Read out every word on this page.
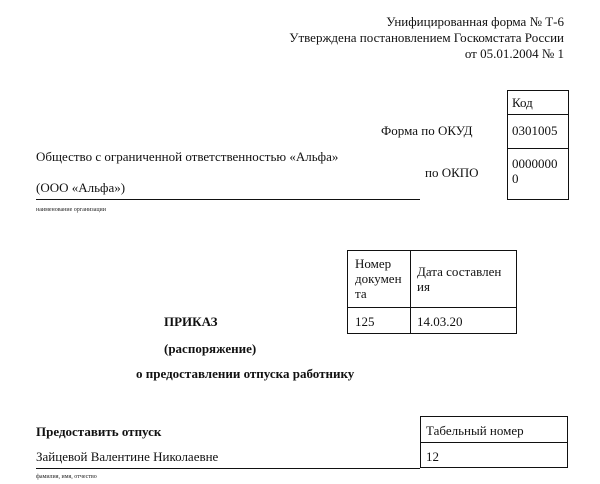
Унифицированная форма № Т-6
Утверждена постановлением Госкомстата России
от 05.01.2004 № 1
Код
0301005
0000000
0
Форма по ОКУД
по ОКПО
Общество с ограниченной ответственностью «Альфа»
(ООО «Альфа»)
наименование организации
Номер
докумен
та
Дата составлен
ия
125	14.03.20
ПРИКАЗ
(распоряжение)
о предоставлении отпуска работнику
Предоставить отпуск
Зайцевой Валентине Николаевне
фамилия, имя, отчество
Табельный номер
12
